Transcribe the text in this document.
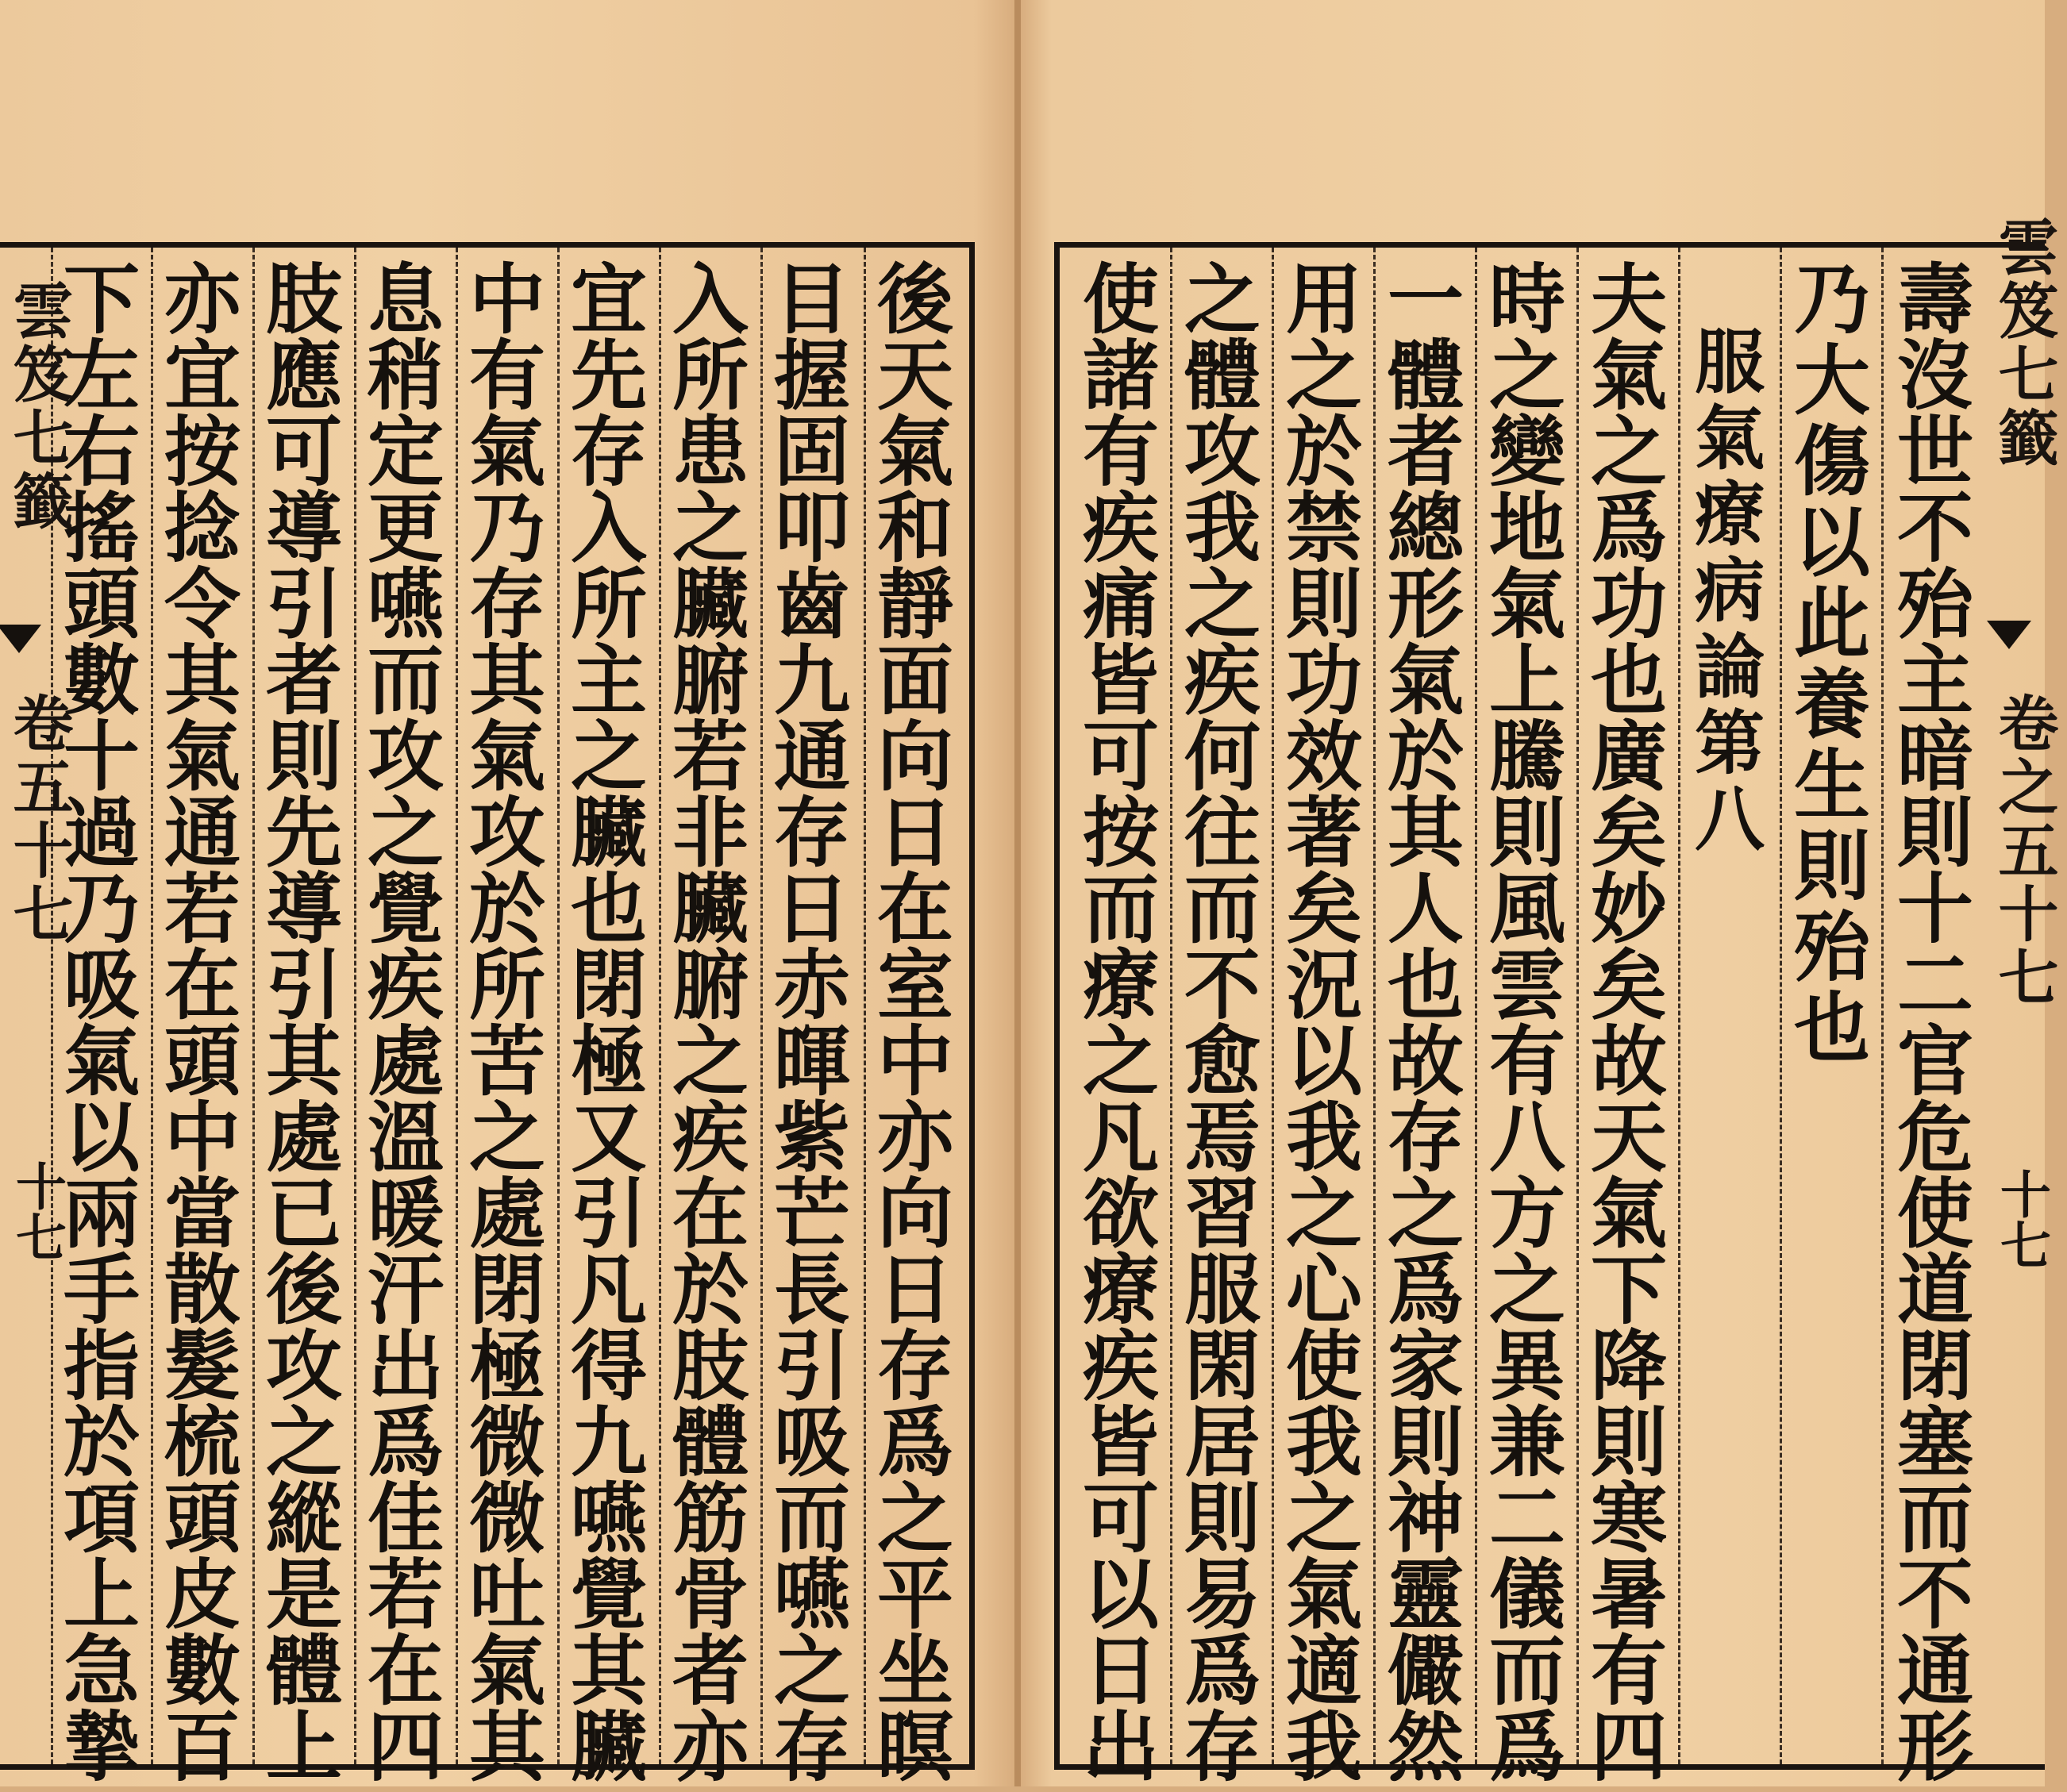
後
天
氣
和
靜
面
向
日
在
室
中
亦
向
日
存
爲
之
平
坐
瞑
目
握
固
叩
齒
九
通
存
日
赤
暉
紫
芒
長
引
吸
而
嚥
之
存
入
所
患
之
臟
腑
若
非
臟
腑
之
疾
在
於
肢
體
筋
骨
者
亦
宜
先
存
入
所
主
之
臟
也
閉
極
又
引
凡
得
九
嚥
覺
其
臟
中
有
氣
乃
存
其
氣
攻
於
所
苦
之
處
閉
極
微
微
吐
氣
其
息
稍
定
更
嚥
而
攻
之
覺
疾
處
溫
暖
汗
出
爲
佳
若
在
四
肢
應
可
導
引
者
則
先
導
引
其
處
已
後
攻
之
縱
是
體
上
亦
宜
按
捻
令
其
氣
通
若
在
頭
中
當
散
髮
梳
頭
皮
數
百
下
左
右
搖
頭
數
十
過
乃
吸
氣
以
兩
手
指
於
項
上
急
摯
雲笈七籤
卷五十七
十七
壽
沒
世
不
殆
主
暗
則
十
二
官
危
使
道
閉
塞
而
不
通
形
乃
大
傷
以
此
養
生
則
殆
也
服
氣
療
病
論
第
八
夫
氣
之
爲
功
也
廣
矣
妙
矣
故
天
氣
下
降
則
寒
暑
有
四
時
之
變
地
氣
上
騰
則
風
雲
有
八
方
之
異
兼
二
儀
而
爲
一
體
者
總
形
氣
於
其
人
也
故
存
之
爲
家
則
神
靈
儼
然
用
之
於
禁
則
功
效
著
矣
況
以
我
之
心
使
我
之
氣
適
我
之
體
攻
我
之
疾
何
往
而
不
愈
焉
習
服
閑
居
則
易
爲
存
使
諸
有
疾
痛
皆
可
按
而
療
之
凡
欲
療
疾
皆
可
以
日
出
雲笈七籤
卷之五十七
十七
